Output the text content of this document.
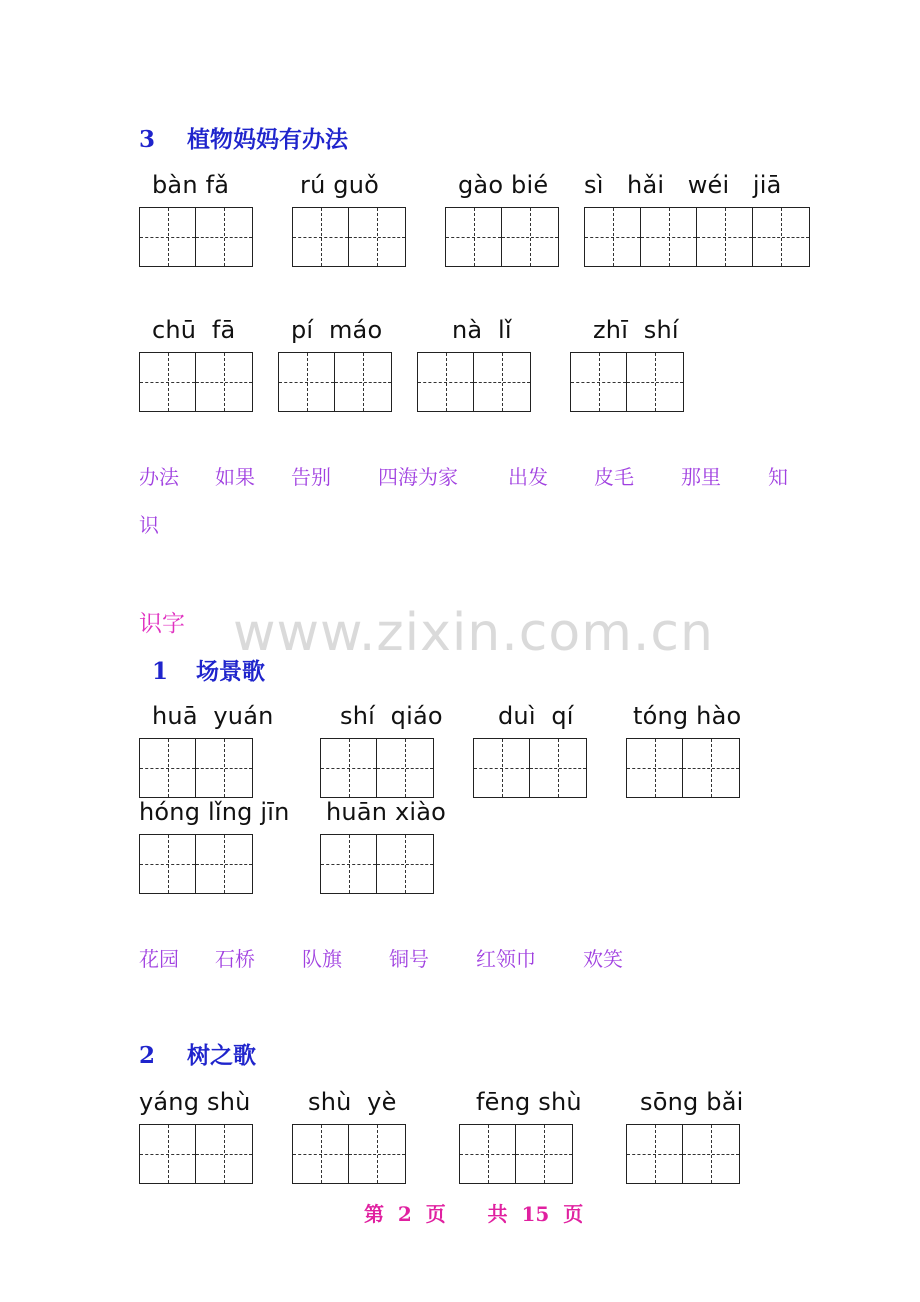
3 植物妈妈有办法
bàn fǎ	rú guǒ	gào bié sì   hǎi   wéi   jiā
chū  fā pí  máo	nà  lǐ	zhī  shí
办法 如果 告别 四海为家	出发 皮毛 那里 知
识
识字 www.zixin.com.cn
1 场景歌
huā  yuán	shí  qiáo duì  qí tóng hào
hóng lǐng jīn huān xiào
花园 石桥 队旗 铜号 红领巾 欢笑
2 树之歌
yáng shù shù  yè	fēng shù sōng bǎi
第  2  页      共  15  页
